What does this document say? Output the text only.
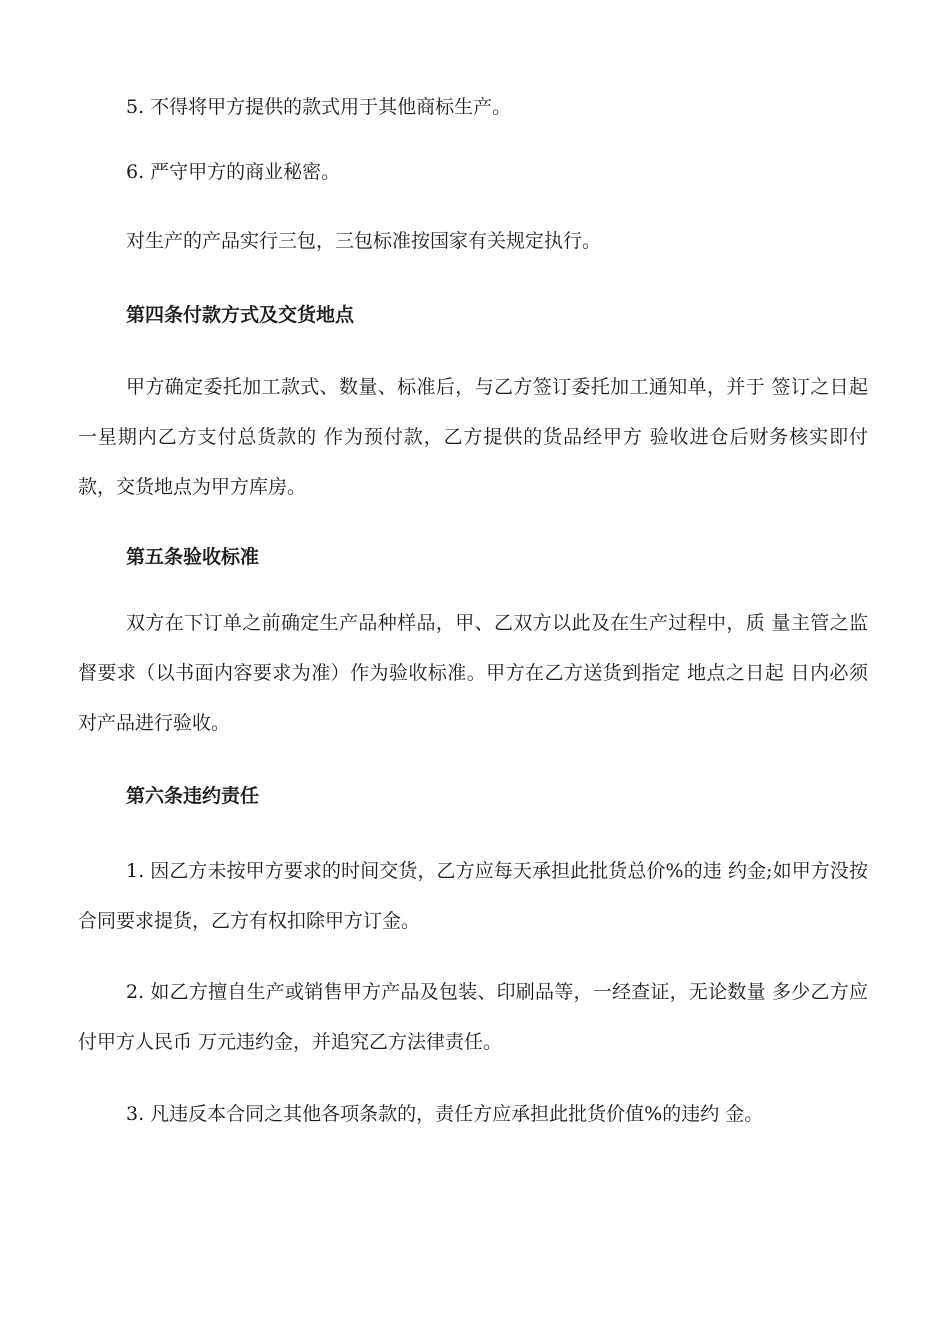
5. 不得将甲方提供的款式用于其他商标生产。

6. 严守甲方的商业秘密。

对生产的产品实行三包，三包标准按国家有关规定执行。

第四条付款方式及交货地点

甲方确定委托加工款式、数量、标准后，与乙方签订委托加工通知单，并于 签订之日起一星期内乙方支付总货款的 作为预付款，乙方提供的货品经甲方 验收进仓后财务核实即付款，交货地点为甲方库房。

第五条验收标准

双方在下订单之前确定生产品种样品，甲、乙双方以此及在生产过程中，质 量主管之监督要求（以书面内容要求为准）作为验收标准。甲方在乙方送货到指定 地点之日起 日内必须对产品进行验收。

第六条违约责任

1. 因乙方未按甲方要求的时间交货，乙方应每天承担此批货总价%的违 约金;如甲方没按合同要求提货，乙方有权扣除甲方订金。

2. 如乙方擅自生产或销售甲方产品及包装、印刷品等，一经查证，无论数量 多少乙方应付甲方人民币 万元违约金，并追究乙方法律责任。

3. 凡违反本合同之其他各项条款的，责任方应承担此批货价值%的违约 金。
